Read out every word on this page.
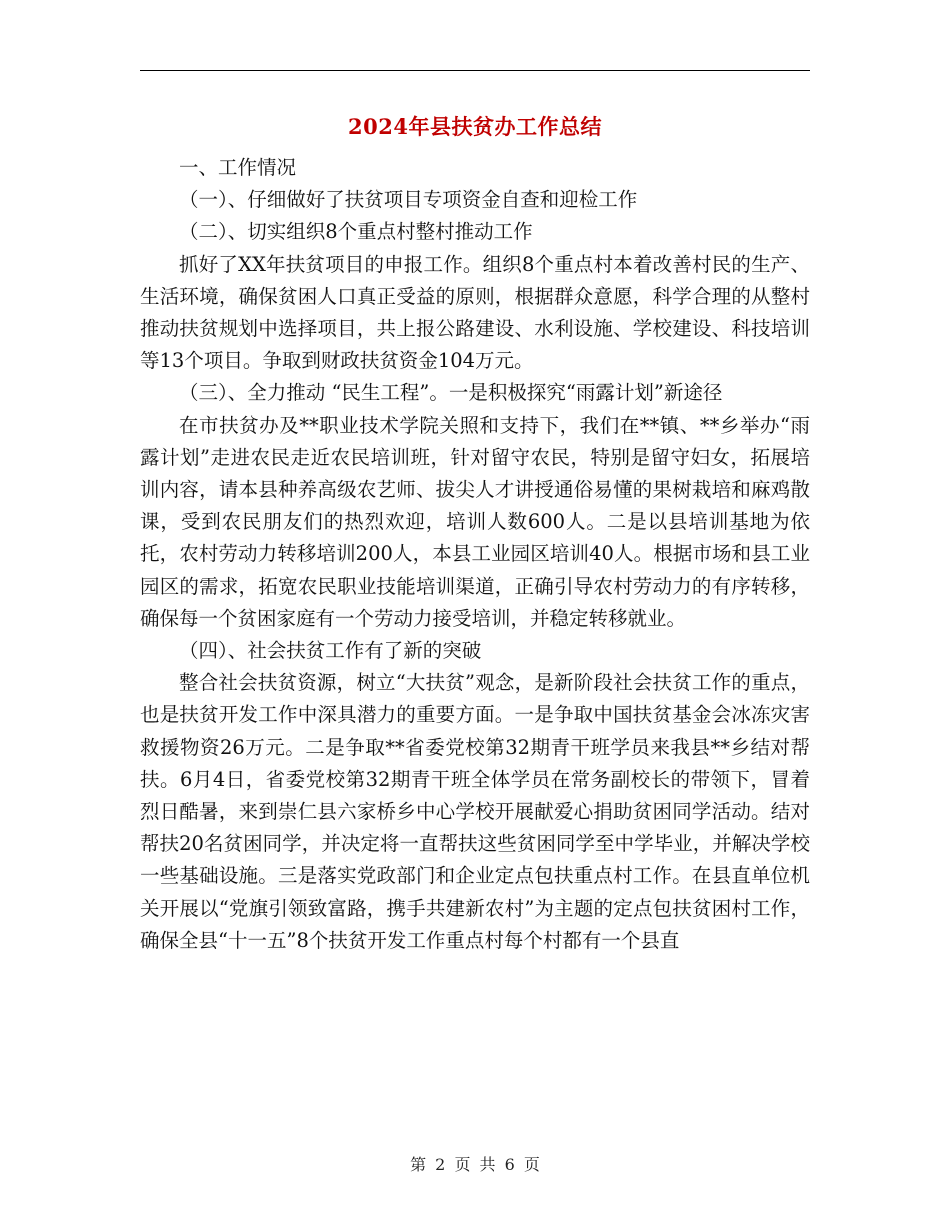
2024年县扶贫办工作总结

一、工作情况

（一）、仔细做好了扶贫项目专项资金自查和迎检工作

（二）、切实组织8个重点村整村推动工作

抓好了XX年扶贫项目的申报工作。组织8个重点村本着改善村民的生产、生活环境，确保贫困人口真正受益的原则，根据群众意愿，科学合理的从整村推动扶贫规划中选择项目，共上报公路建设、水利设施、学校建设、科技培训等13个项目。争取到财政扶贫资金104万元。

（三）、全力推动 “民生工程”。一是积极探究“雨露计划”新途径

在市扶贫办及**职业技术学院关照和支持下，我们在**镇、**乡举办“雨露计划”走进农民走近农民培训班，针对留守农民，特别是留守妇女，拓展培训内容，请本县种养高级农艺师、拔尖人才讲授通俗易懂的果树栽培和麻鸡散课，受到农民朋友们的热烈欢迎，培训人数600人。二是以县培训基地为依托，农村劳动力转移培训200人，本县工业园区培训40人。根据市场和县工业园区的需求，拓宽农民职业技能培训渠道，正确引导农村劳动力的有序转移，确保每一个贫困家庭有一个劳动力接受培训，并稳定转移就业。

（四）、社会扶贫工作有了新的突破

整合社会扶贫资源，树立“大扶贫”观念，是新阶段社会扶贫工作的重点，也是扶贫开发工作中深具潜力的重要方面。一是争取中国扶贫基金会冰冻灾害救援物资26万元。二是争取**省委党校第32期青干班学员来我县**乡结对帮扶。6月4日，省委党校第32期青干班全体学员在常务副校长的带领下，冒着烈日酷暑，来到崇仁县六家桥乡中心学校开展献爱心捐助贫困同学活动。结对帮扶20名贫困同学，并决定将一直帮扶这些贫困同学至中学毕业，并解决学校一些基础设施。三是落实党政部门和企业定点包扶重点村工作。在县直单位机关开展以“党旗引领致富路，携手共建新农村”为主题的定点包扶贫困村工作，确保全县“十一五”8个扶贫开发工作重点村每个村都有一个县直

第 2 页 共 6 页
